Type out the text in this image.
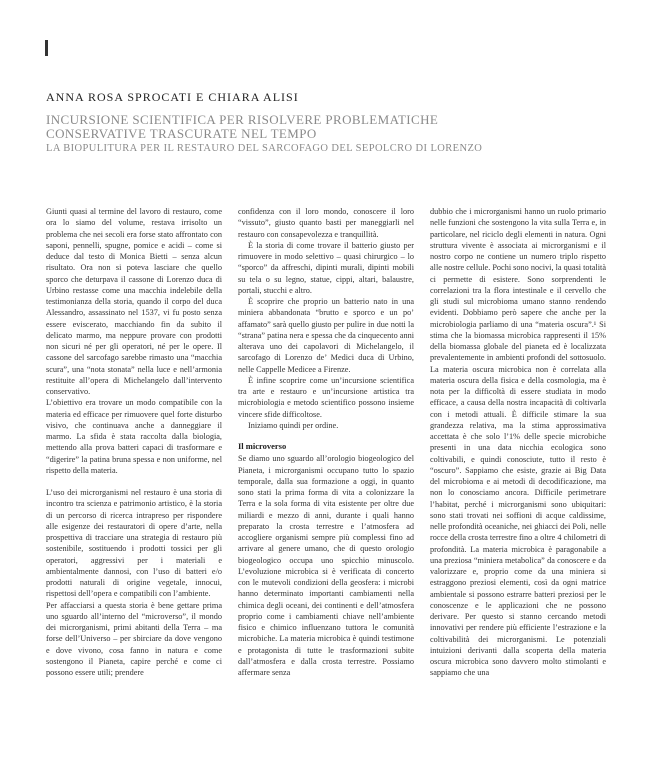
ANNA ROSA SPROCATI E CHIARA ALISI
INCURSIONE SCIENTIFICA PER RISOLVERE PROBLEMATICHE
CONSERVATIVE TRASCURATE NEL TEMPO
LA BIOPULITURA PER IL RESTAURO DEL SARCOFAGO DEL SEPOLCRO DI LORENZO

Giunti quasi al termine del lavoro di restauro, come ora lo siamo del volume, restava irrisolto un problema che nei secoli era forse stato affrontato con saponi, pennelli, spugne, pomice e acidi – come si deduce dal testo di Monica Bietti – senza alcun risultato. Ora non si poteva lasciare che quello sporco che deturpava il cassone di Lorenzo duca di Urbino restasse come una macchia indelebile della testimonianza della storia, quando il corpo del duca Alessandro, assassinato nel 1537, vi fu posto senza essere eviscerato, macchiando fin da subito il delicato marmo, ma neppure provare con prodotti non sicuri né per gli operatori, né per le opere. Il cassone del sarcofago sarebbe rimasto una “macchia scura”, una “nota stonata” nella luce e nell’armonia restituite all’opera di Michelangelo dall’intervento conservativo.

L’obiettivo era trovare un modo compatibile con la materia ed efficace per rimuovere quel forte disturbo visivo, che continuava anche a danneggiare il marmo. La sfida è stata raccolta dalla biologia, mettendo alla prova batteri capaci di trasformare e “digerire” la patina bruna spessa e non uniforme, nel rispetto della materia.

L’uso dei microrganismi nel restauro è una storia di incontro tra scienza e patrimonio artistico, è la storia di un percorso di ricerca intrapreso per rispondere alle esigenze dei restauratori di opere d’arte, nella prospettiva di tracciare una strategia di restauro più sostenibile, sostituendo i prodotti tossici per gli operatori, aggressivi per i materiali e ambientalmente dannosi, con l’uso di batteri e/o prodotti naturali di origine vegetale, innocui, rispettosi dell’opera e compatibili con l’ambiente.

Per affacciarsi a questa storia è bene gettare prima uno sguardo all’interno del “microverso”, il mondo dei microrganismi, primi abitanti della Terra – ma forse dell’Universo – per sbirciare da dove vengono e dove vivono, cosa fanno in natura e come sostengono il Pianeta, capire perché e come ci possono essere utili; prendere

confidenza con il loro mondo, conoscere il loro “vissuto”, giusto quanto basti per maneggiarli nel restauro con consapevolezza e tranquillità.

È la storia di come trovare il batterio giusto per rimuovere in modo selettivo – quasi chirurgico – lo “sporco” da affreschi, dipinti murali, dipinti mobili su tela o su legno, statue, cippi, altari, balaustre, portali, stucchi e altro.

È scoprire che proprio un batterio nato in una miniera abbandonata “brutto e sporco e un po’ affamato” sarà quello giusto per pulire in due notti la “strana” patina nera e spessa che da cinquecento anni alterava uno dei capolavori di Michelangelo, il sarcofago di Lorenzo de’ Medici duca di Urbino, nelle Cappelle Medicee a Firenze.

È infine scoprire come un’incursione scientifica tra arte e restauro e un’incursione artistica tra microbiologia e metodo scientifico possono insieme vincere sfide difficoltose.

Iniziamo quindi per ordine.

Il microverso

Se diamo uno sguardo all’orologio biogeologico del Pianeta, i microrganismi occupano tutto lo spazio temporale, dalla sua formazione a oggi, in quanto sono stati la prima forma di vita a colonizzare la Terra e la sola forma di vita esistente per oltre due miliardi e mezzo di anni, durante i quali hanno preparato la crosta terrestre e l’atmosfera ad accogliere organismi sempre più complessi fino ad arrivare al genere umano, che di questo orologio biogeologico occupa uno spicchio minuscolo. L’evoluzione microbica si è verificata di concerto con le mutevoli condizioni della geosfera: i microbi hanno determinato importanti cambiamenti nella chimica degli oceani, dei continenti e dell’atmosfera proprio come i cambiamenti chiave nell’ambiente fisico e chimico influenzano tuttora le comunità microbiche. La materia microbica è quindi testimone e protagonista di tutte le trasformazioni subite dall’atmosfera e dalla crosta terrestre. Possiamo affermare senza

dubbio che i microrganismi hanno un ruolo primario nelle funzioni che sostengono la vita sulla Terra e, in particolare, nel riciclo degli elementi in natura. Ogni struttura vivente è associata ai microrganismi e il nostro corpo ne contiene un numero triplo rispetto alle nostre cellule. Pochi sono nocivi, la quasi totalità ci permette di esistere. Sono sorprendenti le correlazioni tra la flora intestinale e il cervello che gli studi sul microbioma umano stanno rendendo evidenti. Dobbiamo però sapere che anche per la microbiologia parliamo di una “materia oscura”.¹ Si stima che la biomassa microbica rappresenti il 15% della biomassa globale del pianeta ed è localizzata prevalentemente in ambienti profondi del sottosuolo. La materia oscura microbica non è correlata alla materia oscura della fisica e della cosmologia, ma è nota per la difficoltà di essere studiata in modo efficace, a causa della nostra incapacità di coltivarla con i metodi attuali. È difficile stimare la sua grandezza relativa, ma la stima approssimativa accettata è che solo l’1% delle specie microbiche presenti in una data nicchia ecologica sono coltivabili, e quindi conosciute, tutto il resto è “oscuro”. Sappiamo che esiste, grazie ai Big Data del microbioma e ai metodi di decodificazione, ma non lo conosciamo ancora. Difficile perimetrare l’habitat, perché i microrganismi sono ubiquitari: sono stati trovati nei soffioni di acque caldissime, nelle profondità oceaniche, nei ghiacci dei Poli, nelle rocce della crosta terrestre fino a oltre 4 chilometri di profondità. La materia microbica è paragonabile a una preziosa “miniera metabolica” da conoscere e da valorizzare e, proprio come da una miniera si estraggono preziosi elementi, così da ogni matrice ambientale si possono estrarre batteri preziosi per le conoscenze e le applicazioni che ne possono derivare. Per questo si stanno cercando metodi innovativi per rendere più efficiente l’estrazione e la coltivabilità dei microrganismi. Le potenziali intuizioni derivanti dalla scoperta della materia oscura microbica sono davvero molto stimolanti e sappiamo che una
